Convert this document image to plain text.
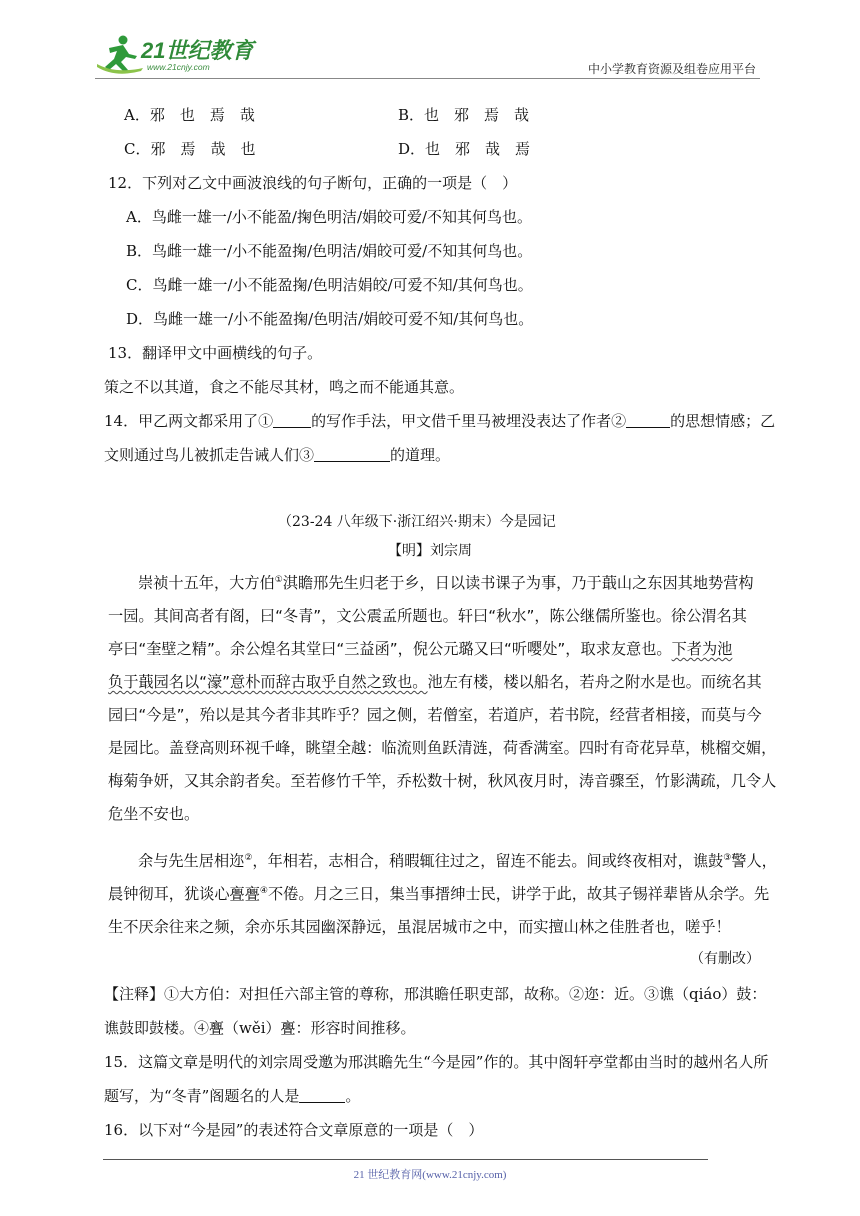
21世纪教育
www.21cnjy.com	中小学教育资源及组卷应用平台
A．邪　也　焉　哉	B．也　邪　焉　哉
C．邪　焉　哉　也	D．也　邪　哉　焉
12．下列对乙文中画波浪线的句子断句，正确的一项是（　）
A．鸟雌一雄一/小不能盈/掬色明洁/娟皎可爱/不知其何鸟也。
B．鸟雌一雄一/小不能盈掬/色明洁/娟皎可爱/不知其何鸟也。
C．鸟雌一雄一/小不能盈掬/色明洁娟皎/可爱不知/其何鸟也。
D．鸟雌一雄一/小不能盈掬/色明洁/娟皎可爱不知/其何鸟也。
13．翻译甲文中画横线的句子。
策之不以其道，食之不能尽其材，鸣之而不能通其意。
14．甲乙两文都采用了①	的写作手法，甲文借千里马被埋没表达了作者②	的思想情感；乙
文则通过鸟儿被抓走告诫人们③	的道理。
（23-24 八年级下·浙江绍兴·期末）今是园记
【明】刘宗周
崇祯十五年，大方伯①淇瞻邢先生归老于乡，日以读书课子为事，乃于蕺山之东因其地势营构
一园。其间高者有阁，曰“冬青”，文公震孟所题也。轩曰“秋水”，陈公继儒所鉴也。徐公渭名其
亭曰“奎壁之精”。余公煌名其堂曰“三益函”，倪公元璐又曰“听嘤处”，取求友意也。下者为池
负于蕺园名以“濠”意朴而辞古取乎自然之致也。池左有楼，楼以船名，若舟之附水是也。而统名其
园曰“今是”，殆以是其今者非其昨乎？园之侧，若僧室，若道庐，若书院，经营者相接，而莫与今
是园比。盖登高则环视千峰，眺望全越：临流则鱼跃清涟，荷香满室。四时有奇花异草，桃榴交媚，
梅菊争妍，又其余韵者矣。至若修竹千竿，乔松数十树，秋风夜月时，涛音骤至，竹影满疏，几令人
危坐不安也。
余与先生居相迩②，年相若，志相合，稍暇辄往过之，留连不能去。间或终夜相对，谯鼓③警人，
晨钟彻耳，犹谈心亹亹④不倦。月之三日，集当事搢绅士民，讲学于此，故其子锡祥辈皆从余学。先
生不厌余往来之频，余亦乐其园幽深静远，虽混居城市之中，而实擅山林之佳胜者也，嗟乎！
（有删改）
【注释】①大方伯：对担任六部主管的尊称，邢淇瞻任职吏部，故称。②迩：近。③谯（qiáo）鼓：
谯鼓即鼓楼。④亹（wěi）亹：形容时间推移。
15．这篇文章是明代的刘宗周受邀为邢淇瞻先生“今是园”作的。其中阁轩亭堂都由当时的越州名人所
题写，为“冬青”阁题名的人是	。
16．以下对“今是园”的表述符合文章原意的一项是（　）
21 世纪教育网(www.21cnjy.com)
